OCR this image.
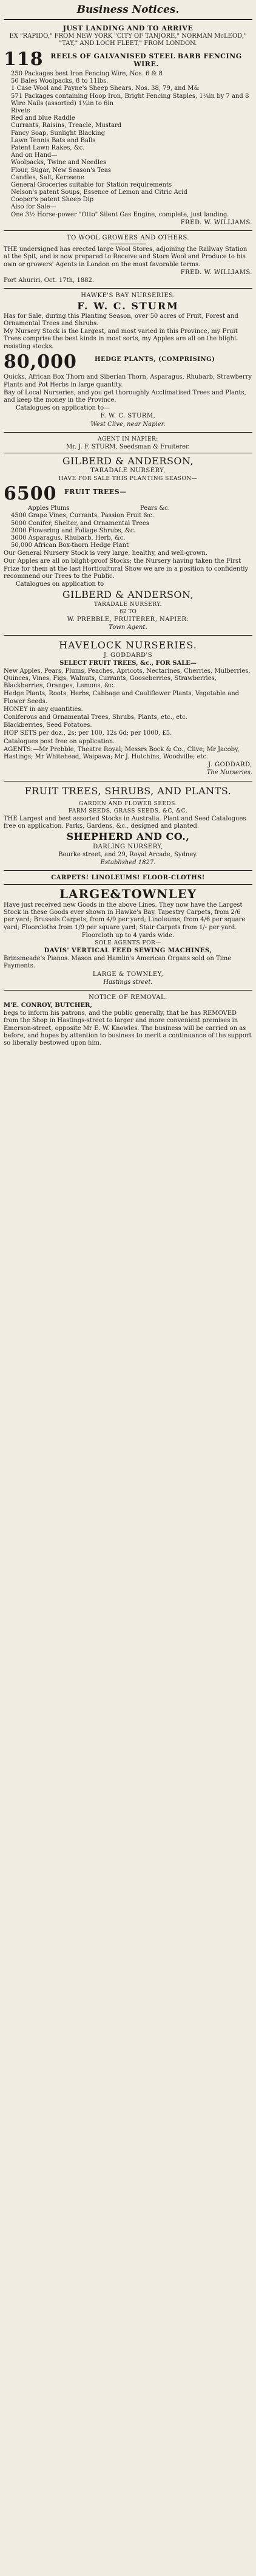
Business Notices.

JUST LANDING AND TO ARRIVE

EX "RAPIDO," FROM NEW YORK "CITY OF TANJORE," NORMAN McLEOD," "TAY," AND LOCH FLEET," FROM LONDON.

118	REELS OF GALVANISED STEEL BARB FENCING WIRE.

250 Packages best Iron Fencing Wire, Nos. 6 & 8

50 Bales Woolpacks, 8 to 11lbs.

1 Case Wool and Payne's Sheep Shears, Nos. 38, 79, and M&

571 Packages containing Hoop Iron, Bright Fencing Staples, 1¼in by 7 and 8

Wire Nails (assorted) 1¼in to 6in

Rivets

Red and blue Raddle

Currants, Raisins, Treacle, Mustard

Fancy Soap, Sunlight Blacking

Lawn Tennis Bats and Balls

Patent Lawn Rakes, &c.

And on Hand—

Woolpacks, Twine and Needles

Flour, Sugar, New Season's Teas

Candles, Salt, Kerosene

General Groceries suitable for Station requirements

Nelson's patent Soups, Essence of Lemon and Citric Acid

Cooper's patent Sheep Dip

Also for Sale—

One 3½ Horse-power "Otto" Silent Gas Engine, complete, just landing.

FRED. W. WILLIAMS.

TO WOOL GROWERS AND OTHERS.

THE undersigned has erected large Wool Stores, adjoining the Railway Station at the Spit, and is now prepared to Receive and Store Wool and Produce to his own or growers' Agents in London on the most favorable terms.

FRED. W. WILLIAMS.

Port Ahuriri, Oct. 17th, 1882.

HAWKE'S BAY NURSERIES.

F. W. C. STURM

Has for Sale, during this Planting Season, over 50 acres of Fruit, Forest and Ornamental Trees and Shrubs.

My Nursery Stock is the Largest, and most varied in this Province, my Fruit Trees comprise the best kinds in most sorts, my Apples are all on the blight resisting stocks.

80,000	HEDGE PLANTS, (COMPRISING)

Quicks, African Box Thorn and Siberian Thorn, Asparagus, Rhubarb, Strawberry Plants and Pot Herbs in large quantity.

Bay of Local Nurseries, and you get thoroughly Acclimatised Trees and Plants, and keep the money in the Province.

Catalogues on application to—

F. W. C. STURM,

West Clive, near Napier.

AGENT IN NAPIER:

Mr. J. F. STURM, Seedsman & Fruiterer.

GILBERD & ANDERSON,

TARADALE NURSERY,

HAVE FOR SALE THIS PLANTING SEASON—

6500	FRUIT TREES—
Apples Plums	Pears &c.

4500 Grape Vines, Currants, Passion Fruit &c.

5000 Conifer, Shelter, and Ornamental Trees

2000 Flowering and Foliage Shrubs, &c.

3000 Asparagus, Rhubarb, Herb, &c.

50,000 African Box-thorn Hedge Plant

Our General Nursery Stock is very large, healthy, and well-grown.

Our Apples are all on blight-proof Stocks; the Nursery having taken the First Prize for them at the last Horticultural Show we are in a position to confidently recommend our Trees to the Public.

Catalogues on application to

GILBERD & ANDERSON,

TARADALE NURSERY.

62 TO

W. PREBBLE, FRUITERER, NAPIER:

Town Agent.

HAVELOCK NURSERIES.

J. GODDARD'S

SELECT FRUIT TREES, &c., FOR SALE—

New Apples, Pears, Plums, Peaches, Apricots, Nectarines, Cherries, Mulberries, Quinces, Vines, Figs, Walnuts, Currants, Gooseberries, Strawberries, Blackberries, Oranges, Lemons, &c.

Hedge Plants, Roots, Herbs, Cabbage and Cauliflower Plants, Vegetable and Flower Seeds.

HONEY in any quantities.

Coniferous and Ornamental Trees, Shrubs, Plants, etc., etc.

Blackberries, Seed Potatoes.

HOP SETS per doz., 2s; per 100, 12s 6d; per 1000, £5.

Catalogues post free on application.

AGENTS:—Mr Prebble, Theatre Royal; Messrs Bock & Co., Clive; Mr Jacoby, Hastings; Mr Whitehead, Waipawa; Mr J. Hutchins, Woodville; etc.

J. GODDARD,

The Nurseries.

FRUIT TREES, SHRUBS, AND PLANTS.

GARDEN AND FLOWER SEEDS.

FARM SEEDS, GRASS SEEDS, &C, &C.

THE Largest and best assorted Stocks in Australia. Plant and Seed Catalogues free on application. Parks, Gardens, &c., designed and planted.

SHEPHERD AND CO.,

DARLING NURSERY,

Bourke street, and 29, Royal Arcade, Sydney.

Established 1827.

CARPETS! LINOLEUMS! FLOOR-CLOTHS!

LARGE&TOWNLEY

Have just received new Goods in the above Lines. They now have the Largest Stock in these Goods ever shown in Hawke's Bay. Tapestry Carpets, from 2/6 per yard; Brussels Carpets, from 4/9 per yard; Linoleums, from 4/6 per square yard; Floorcloths from 1/9 per square yard; Stair Carpets from 1/- per yard.

Floorcloth up to 4 yards wide.

SOLE AGENTS FOR—

DAVIS' VERTICAL FEED SEWING MACHINES,

Brinsmeade's Pianos. Mason and Hamlin's American Organs sold on Time Payments.

LARGE & TOWNLEY,

Hastings street.

NOTICE OF REMOVAL.

M'E. CONROY, BUTCHER,

begs to inform his patrons, and the public generally, that he has REMOVED from the Shop in Hastings-street to larger and more convenient premises in Emerson-street, opposite Mr E. W. Knowles. The business will be carried on as before, and hopes by attention to business to merit a continuance of the support so liberally bestowed upon him.
